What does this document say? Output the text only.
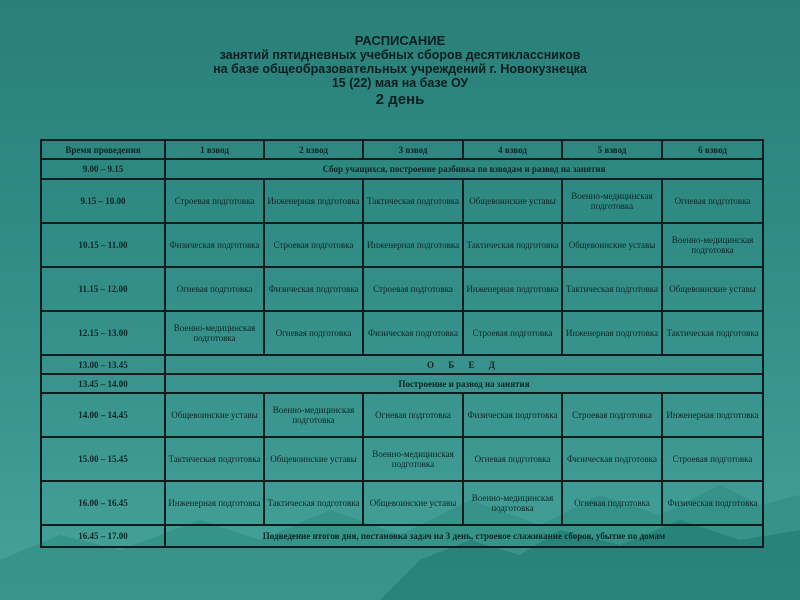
РАСПИСАНИЕ
занятий пятидневных учебных сборов десятиклассников
на базе общеобразовательных учреждений г. Новокузнецка
15 (22) мая на базе ОУ
2 день
Время проведения	1 взвод	2 взвод	3 взвод	4 взвод	5 взвод	6 взвод
9.00 – 9.15	Сбор учащихся, построение разбивка по взводам и развод на занятия					
9.15 – 10.00	Строевая подготовка	Инженерная подготовка	Тактическая подготовка	Общевоинские уставы	Военно-медицинская подготовка	Огневая подготовка
10.15 – 11.00	Физическая подготовка	Строевая подготовка	Инженерная подготовка	Тактическая подготовка	Общевоинские уставы	Военно-медицинская подготовка
11.15 – 12.00	Огневая подготовка	Физическая подготовка	Строевая подготовка	Инженерная подготовка	Тактическая подготовка	Общевоинские уставы
12.15 – 13.00	Военно-медицинская подготовка	Огневая подготовка	Физическая подготовка	Строевая подготовка	Инженерная подготовка	Тактическая подготовка
13.00 – 13.45	О Б Е Д					
13.45 – 14.00	Построение и развод на занятия					
14.00 – 14.45	Общевоинские уставы	Военно-медицинская подготовка	Огневая подготовка	Физическая подготовка	Строевая подготовка	Инженерная подготовка
15.00 – 15.45	Тактическая подготовка	Общевоинские уставы	Военно-медицинская подготовка	Огневая подготовка	Физическая подготовка	Строевая подготовка
16.00 – 16.45	Инженерная подготовка	Тактическая подготовка	Общевоинские уставы	Военно-медицинская подготовка	Огневая подготовка	Физическая подготовка
16.45 – 17.00	Подведение итогов дня, постановка задач на 3 день, строевое слаживание сборов, убытие по домам					
